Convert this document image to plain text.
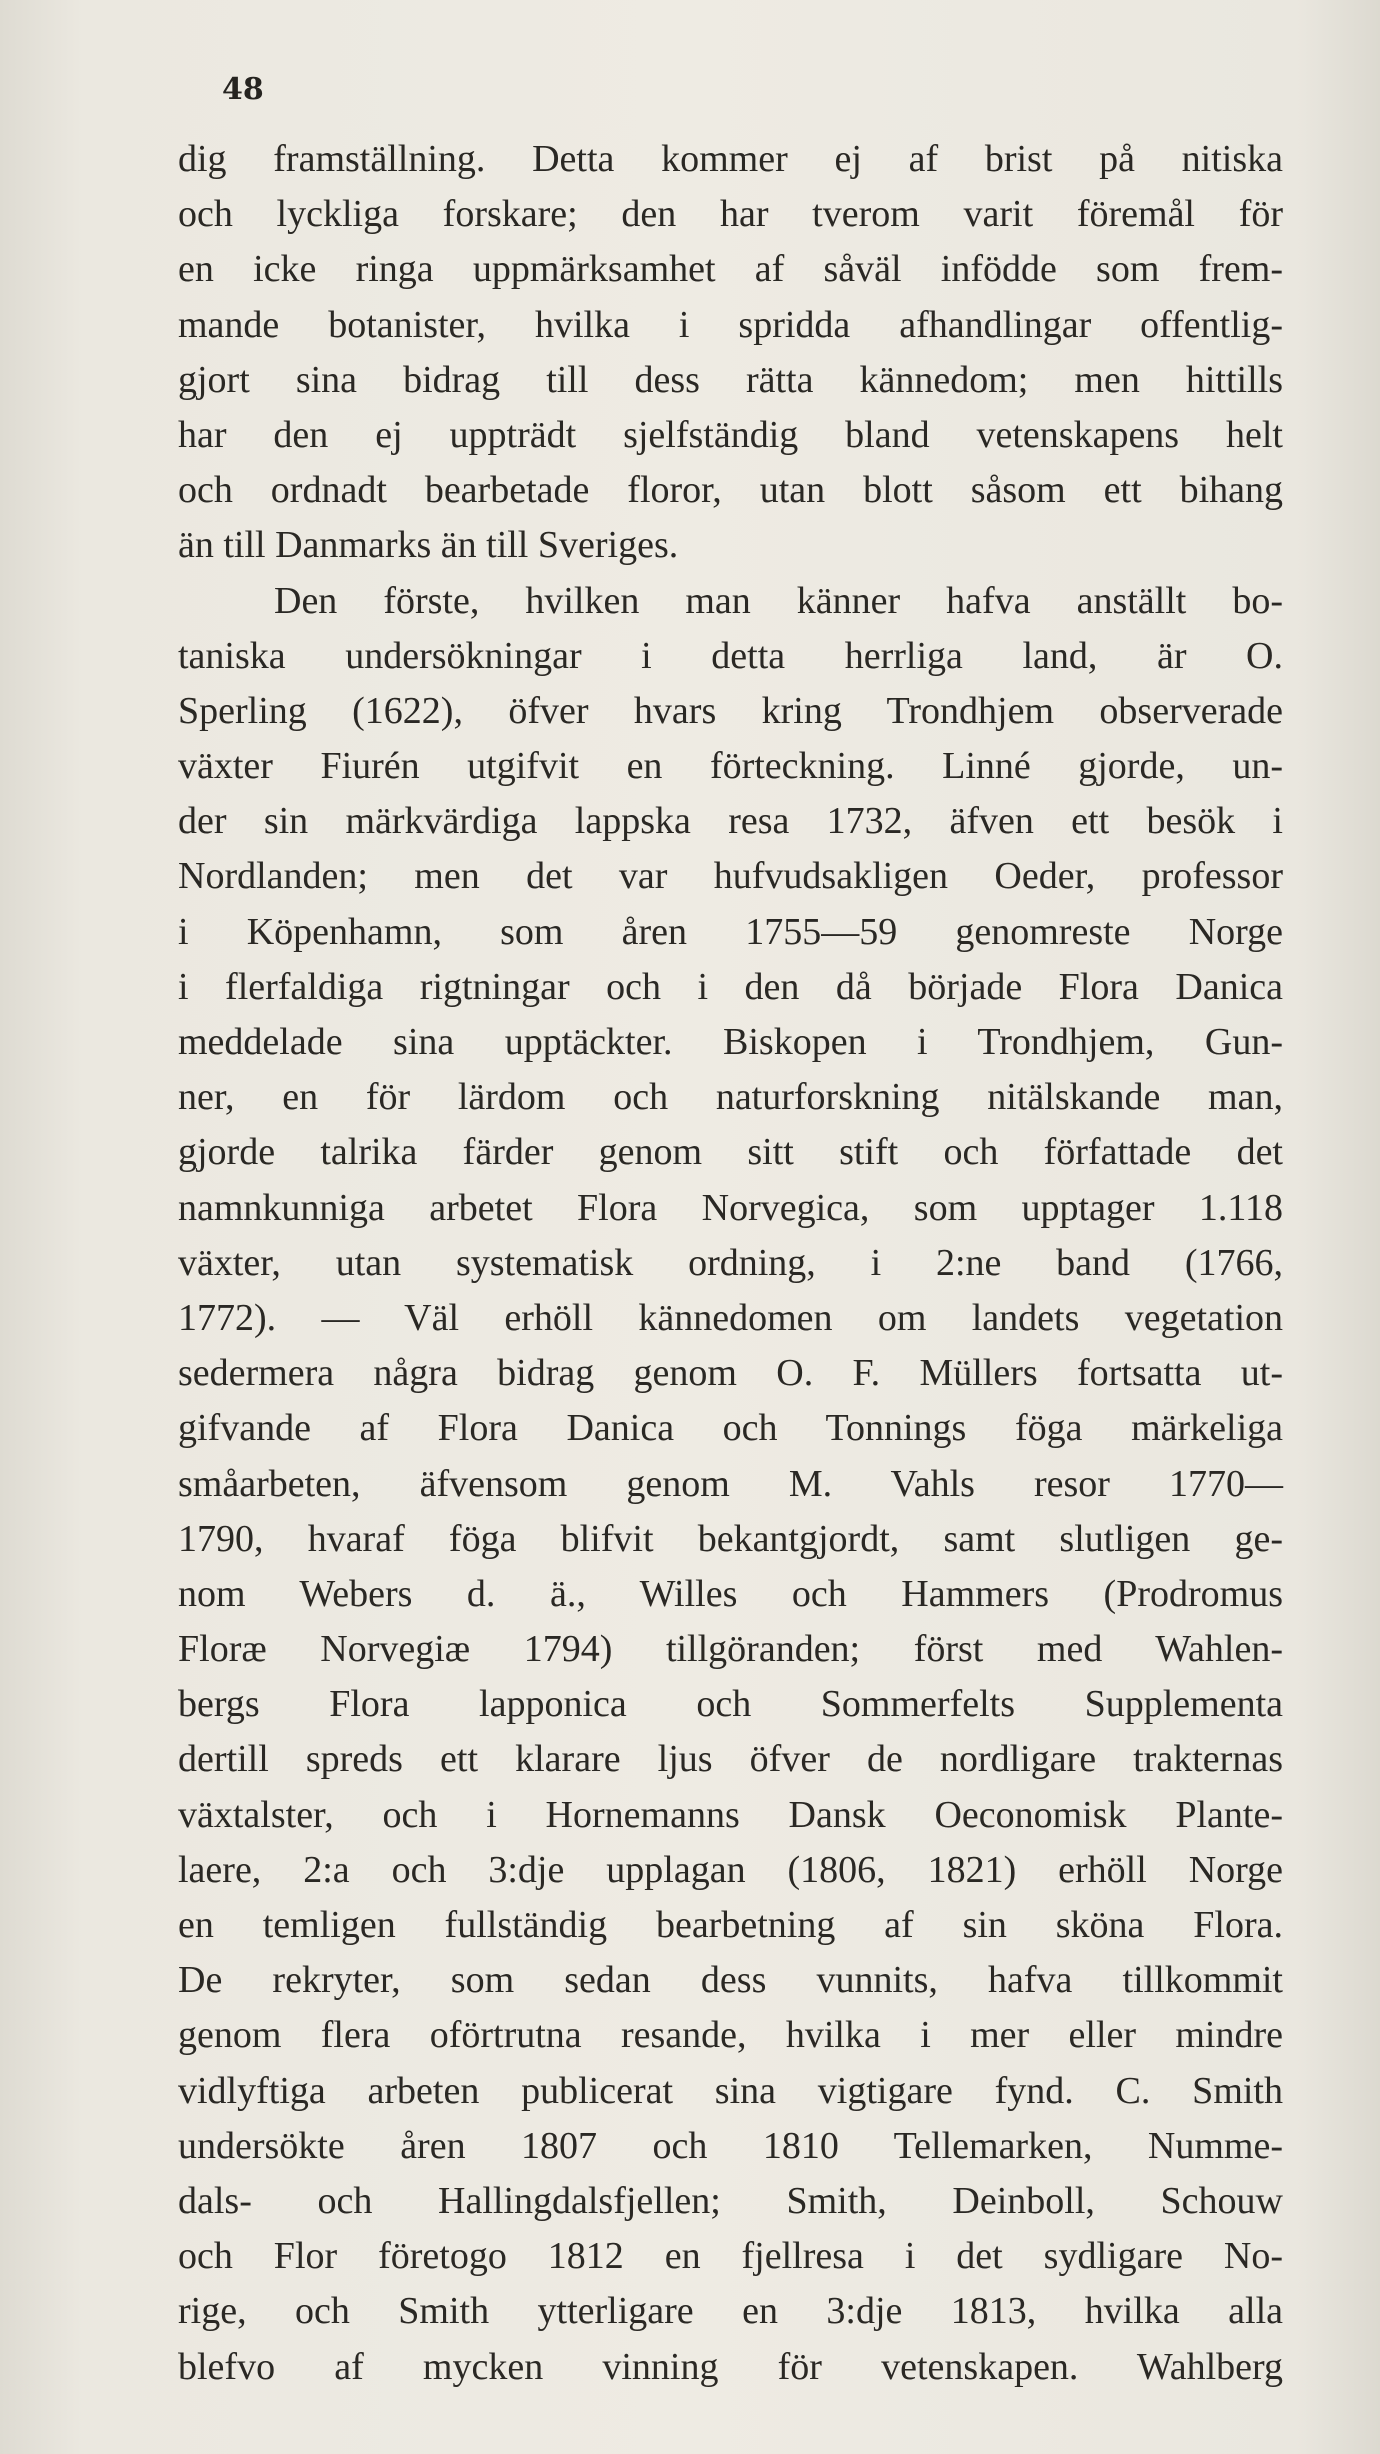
48
dig framställning. Detta kommer ej af brist på nitiska
och lyckliga forskare; den har tverom varit föremål för
en icke ringa uppmärksamhet af såväl infödde som frem-
mande botanister, hvilka i spridda afhandlingar offentlig-
gjort sina bidrag till dess rätta kännedom; men hittills
har den ej uppträdt sjelfständig bland vetenskapens helt
och ordnadt bearbetade floror, utan blott såsom ett bihang
än till Danmarks än till Sveriges.
Den förste, hvilken man känner hafva anställt bo-
taniska undersökningar i detta herrliga land, är O.
Sperling (1622), öfver hvars kring Trondhjem observerade
växter Fiurén utgifvit en förteckning. Linné gjorde, un-
der sin märkvärdiga lappska resa 1732, äfven ett besök i
Nordlanden; men det var hufvudsakligen Oeder, professor
i Köpenhamn, som åren 1755—59 genomreste Norge
i flerfaldiga rigtningar och i den då började Flora Danica
meddelade sina upptäckter. Biskopen i Trondhjem, Gun-
ner, en för lärdom och naturforskning nitälskande man,
gjorde talrika färder genom sitt stift och författade det
namnkunniga arbetet Flora Norvegica, som upptager 1.118
växter, utan systematisk ordning, i 2:ne band (1766,
1772). — Väl erhöll kännedomen om landets vegetation
sedermera några bidrag genom O. F. Müllers fortsatta ut-
gifvande af Flora Danica och Tonnings föga märkeliga
småarbeten, äfvensom genom M. Vahls resor 1770—
1790, hvaraf föga blifvit bekantgjordt, samt slutligen ge-
nom Webers d. ä., Willes och Hammers (Prodromus
Floræ Norvegiæ 1794) tillgöranden; först med Wahlen-
bergs Flora lapponica och Sommerfelts Supplementa
dertill spreds ett klarare ljus öfver de nordligare trakternas
växtalster, och i Hornemanns Dansk Oeconomisk Plante-
laere, 2:a och 3:dje upplagan (1806, 1821) erhöll Norge
en temligen fullständig bearbetning af sin sköna Flora.
De rekryter, som sedan dess vunnits, hafva tillkommit
genom flera oförtrutna resande, hvilka i mer eller mindre
vidlyftiga arbeten publicerat sina vigtigare fynd. C. Smith
undersökte åren 1807 och 1810 Tellemarken, Numme-
dals- och Hallingdalsfjellen; Smith, Deinboll, Schouw
och Flor företogo 1812 en fjellresa i det sydligare No-
rige, och Smith ytterligare en 3:dje 1813, hvilka alla
blefvo af mycken vinning för vetenskapen. Wahlberg
